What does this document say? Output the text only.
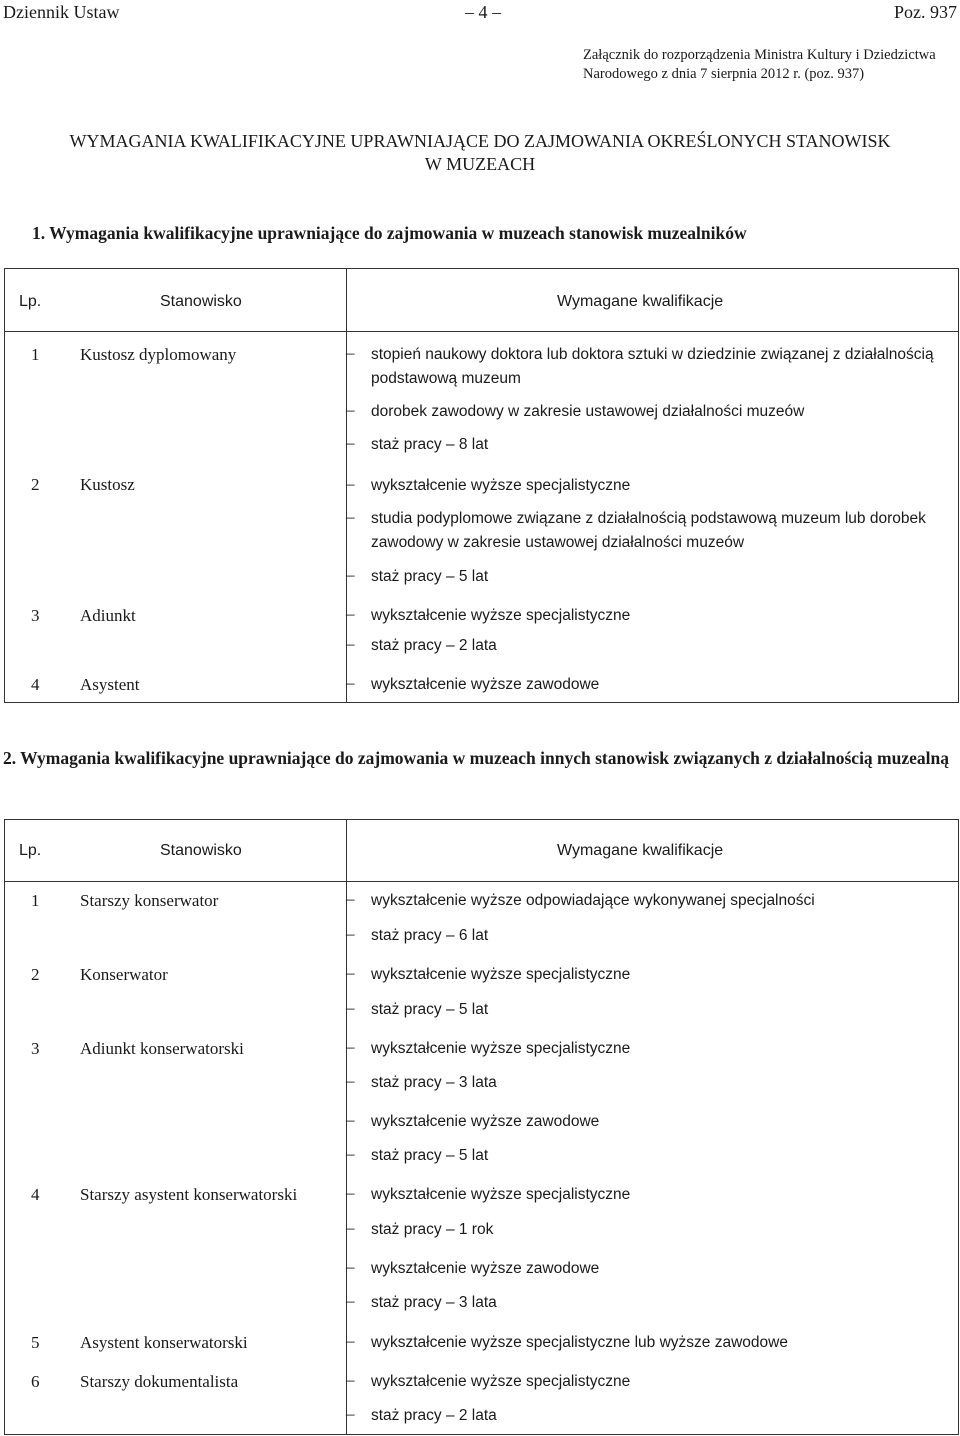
Dziennik Ustaw	– 4 –	Poz. 937
Załącznik do rozporządzenia Ministra Kultury i Dziedzictwa
Narodowego z dnia 7 sierpnia 2012 r. (poz. 937)
WYMAGANIA KWALIFIKACYJNE UPRAWNIAJĄCE DO ZAJMOWANIA OKREŚLONYCH STANOWISK
W MUZEACH
1. Wymagania kwalifikacyjne uprawniające do zajmowania w muzeach stanowisk muzealników
Lp.	Stanowisko	Wymagane kwalifikacje
1 Kustosz dyplomowany	– stopień naukowy doktora lub doktora sztuki w dziedzinie związanej z działalnością podstawową muzeum
– dorobek zawodowy w zakresie ustawowej działalności muzeów
– staż pracy – 8 lat
2 Kustosz	– wykształcenie wyższe specjalistyczne
– studia podyplomowe związane z działalnością podstawową muzeum lub dorobek zawodowy w zakresie ustawowej działalności muzeów
– staż pracy – 5 lat
3 Adiunkt	– wykształcenie wyższe specjalistyczne
– staż pracy – 2 lata
4 Asystent	– wykształcenie wyższe zawodowe
2. Wymagania kwalifikacyjne uprawniające do zajmowania w muzeach innych stanowisk związanych z działalnością muzealną
Lp.	Stanowisko	Wymagane kwalifikacje
1 Starszy konserwator	– wykształcenie wyższe odpowiadające wykonywanej specjalności
– staż pracy – 6 lat
2 Konserwator	– wykształcenie wyższe specjalistyczne
– staż pracy – 5 lat
3 Adiunkt konserwatorski	– wykształcenie wyższe specjalistyczne
– staż pracy – 3 lata
– wykształcenie wyższe zawodowe
– staż pracy – 5 lat
4 Starszy asystent konserwatorski	– wykształcenie wyższe specjalistyczne
– staż pracy – 1 rok
– wykształcenie wyższe zawodowe
– staż pracy – 3 lata
5 Asystent konserwatorski	– wykształcenie wyższe specjalistyczne lub wyższe zawodowe
6 Starszy dokumentalista	– wykształcenie wyższe specjalistyczne
– staż pracy – 2 lata
